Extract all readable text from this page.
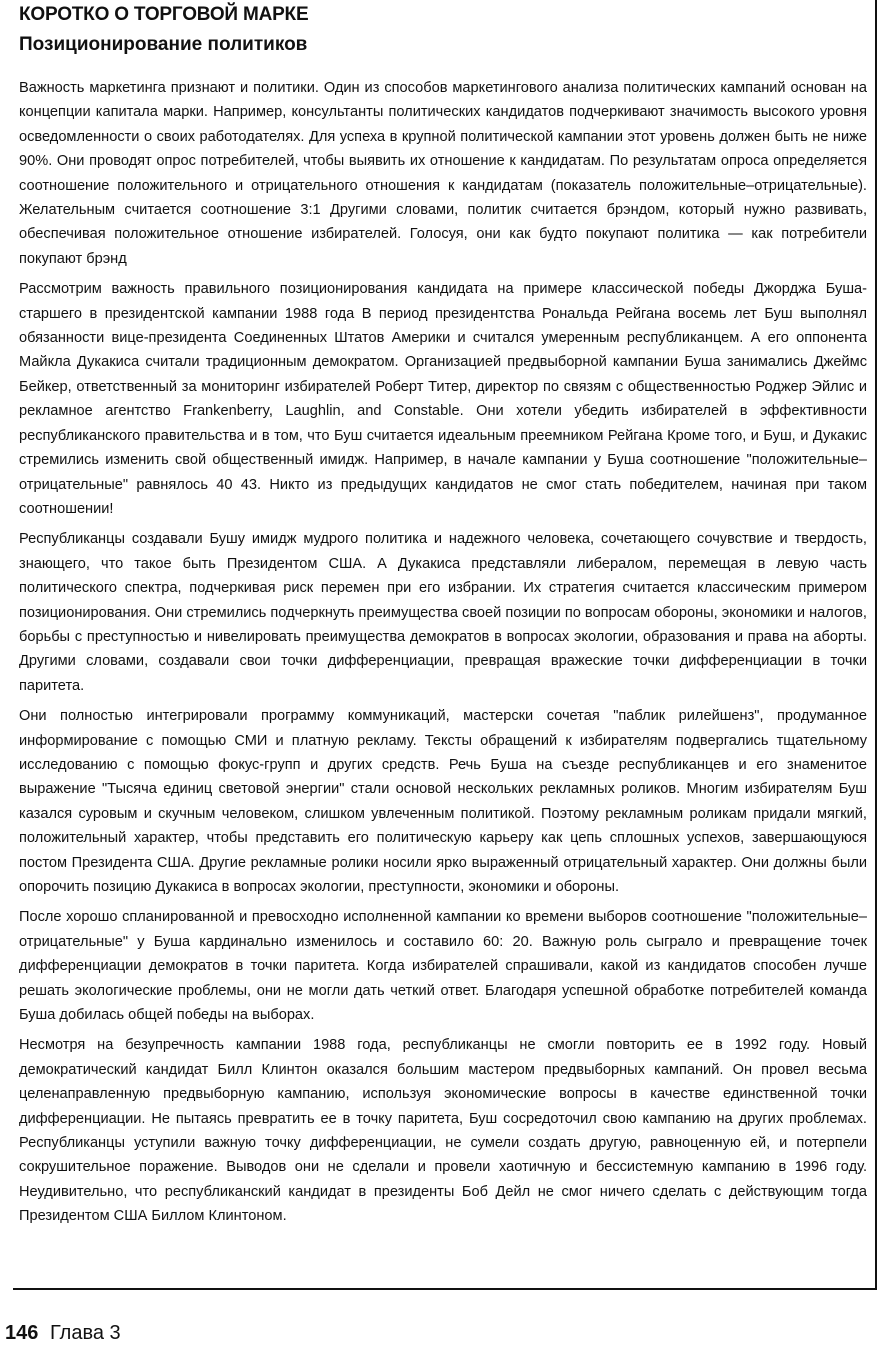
КОРОТКО О ТОРГОВОЙ МАРКЕ
Позиционирование политиков

Важность маркетинга признают и политики. Один из способов маркетингового анализа политических кампаний основан на концепции капитала марки. Например, консультанты политических кандидатов подчеркивают значимость высокого уровня осведомленности о своих работодателях. Для успеха в крупной политической кампании этот уровень должен быть не ниже 90%. Они проводят опрос потребителей, чтобы выявить их отношение к кандидатам. По результатам опроса определяется соотношение положительного и отрицательного отношения к кандидатам (показатель положительные–отрицательные). Желательным считается соотношение 3:1 Другими словами, политик считается брэндом, который нужно развивать, обеспечивая положительное отношение избирателей. Голосуя, они как будто покупают политика — как потребители покупают брэнд

Рассмотрим важность правильного позиционирования кандидата на примере классической победы Джорджа Буша-старшего в президентской кампании 1988 года В период президентства Рональда Рейгана восемь лет Буш выполнял обязанности вице-президента Соединенных Штатов Америки и считался умеренным республиканцем. А его оппонента Майкла Дукакиса считали традиционным демократом. Организацией предвыборной кампании Буша занимались Джеймс Бейкер, ответственный за мониторинг избирателей Роберт Титер, директор по связям с общественностью Роджер Эйлис и рекламное агентство Frankenberry, Laughlin, and Constable. Они хотели убедить избирателей в эффективности республиканского правительства и в том, что Буш считается идеальным преемником Рейгана Кроме того, и Буш, и Дукакис стремились изменить свой общественный имидж. Например, в начале кампании у Буша соотношение "положительные–отрицательные" равнялось 40 43. Никто из предыдущих кандидатов не смог стать победителем, начиная при таком соотношении!

Республиканцы создавали Бушу имидж мудрого политика и надежного человека, сочетающего сочувствие и твердость, знающего, что такое быть Президентом США. А Дукакиса представляли либералом, перемещая в левую часть политического спектра, подчеркивая риск перемен при его избрании. Их стратегия считается классическим примером позиционирования. Они стремились подчеркнуть преимущества своей позиции по вопросам обороны, экономики и налогов, борьбы с преступностью и нивелировать преимущества демократов в вопросах экологии, образования и права на аборты. Другими словами, создавали свои точки дифференциации, превращая вражеские точки дифференциации в точки паритета.

Они полностью интегрировали программу коммуникаций, мастерски сочетая "паблик рилейшенз", продуманное информирование с помощью СМИ и платную рекламу. Тексты обращений к избирателям подвергались тщательному исследованию с помощью фокус-групп и других средств. Речь Буша на съезде республиканцев и его знаменитое выражение "Тысяча единиц световой энергии" стали основой нескольких рекламных роликов. Многим избирателям Буш казался суровым и скучным человеком, слишком увлеченным политикой. Поэтому рекламным роликам придали мягкий, положительный характер, чтобы представить его политическую карьеру как цепь сплошных успехов, завершающуюся постом Президента США. Другие рекламные ролики носили ярко выраженный отрицательный характер. Они должны были опорочить позицию Дукакиса в вопросах экологии, преступности, экономики и обороны.

После хорошо спланированной и превосходно исполненной кампании ко времени выборов соотношение "положительные–отрицательные" у Буша кардинально изменилось и составило 60: 20. Важную роль сыграло и превращение точек дифференциации демократов в точки паритета. Когда избирателей спрашивали, какой из кандидатов способен лучше решать экологические проблемы, они не могли дать четкий ответ. Благодаря успешной обработке потребителей команда Буша добилась общей победы на выборах.

Несмотря на безупречность кампании 1988 года, республиканцы не смогли повторить ее в 1992 году. Новый демократический кандидат Билл Клинтон оказался большим мастером предвыборных кампаний. Он провел весьма целенаправленную предвыборную кампанию, используя экономические вопросы в качестве единственной точки дифференциации. Не пытаясь превратить ее в точку паритета, Буш сосредоточил свою кампанию на других проблемах. Республиканцы уступили важную точку дифференциации, не сумели создать другую, равноценную ей, и потерпели сокрушительное поражение. Выводов они не сделали и провели хаотичную и бессистемную кампанию в 1996 году. Неудивительно, что республиканский кандидат в президенты Боб Дейл не смог ничего сделать с действующим тогда Президентом США Биллом Клинтоном.

146 Глава 3
